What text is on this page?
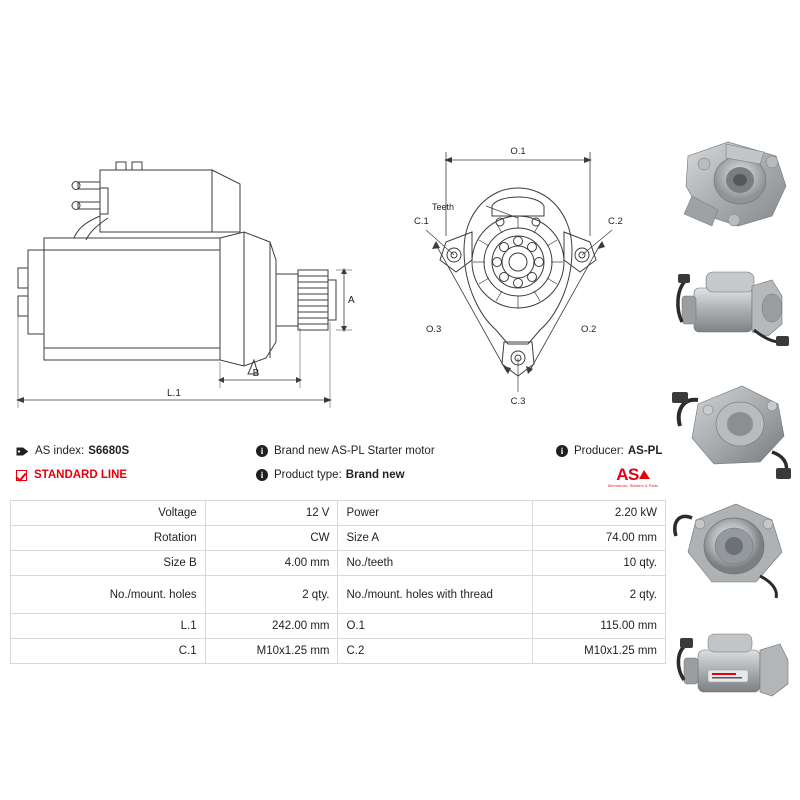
A
B
L.1
O.1
C.1	C.2
C.3
Teeth
O.2
O.3
AS index: S6680S	i Brand new AS-PL Starter motor	i Producer: AS-PL
STANDARD LINE	i Product type: Brand new	AS
Alternators, Starters & Parts
Voltage	12 V	Power	2.20 kW
Rotation	CW	Size A	74.00 mm
Size B	4.00 mm	No./teeth	10 qty.
No./mount. holes	2 qty.	No./mount. holes with thread	2 qty.
L.1	242.00 mm	O.1	115.00 mm
C.1	M10x1.25 mm	C.2	M10x1.25 mm
